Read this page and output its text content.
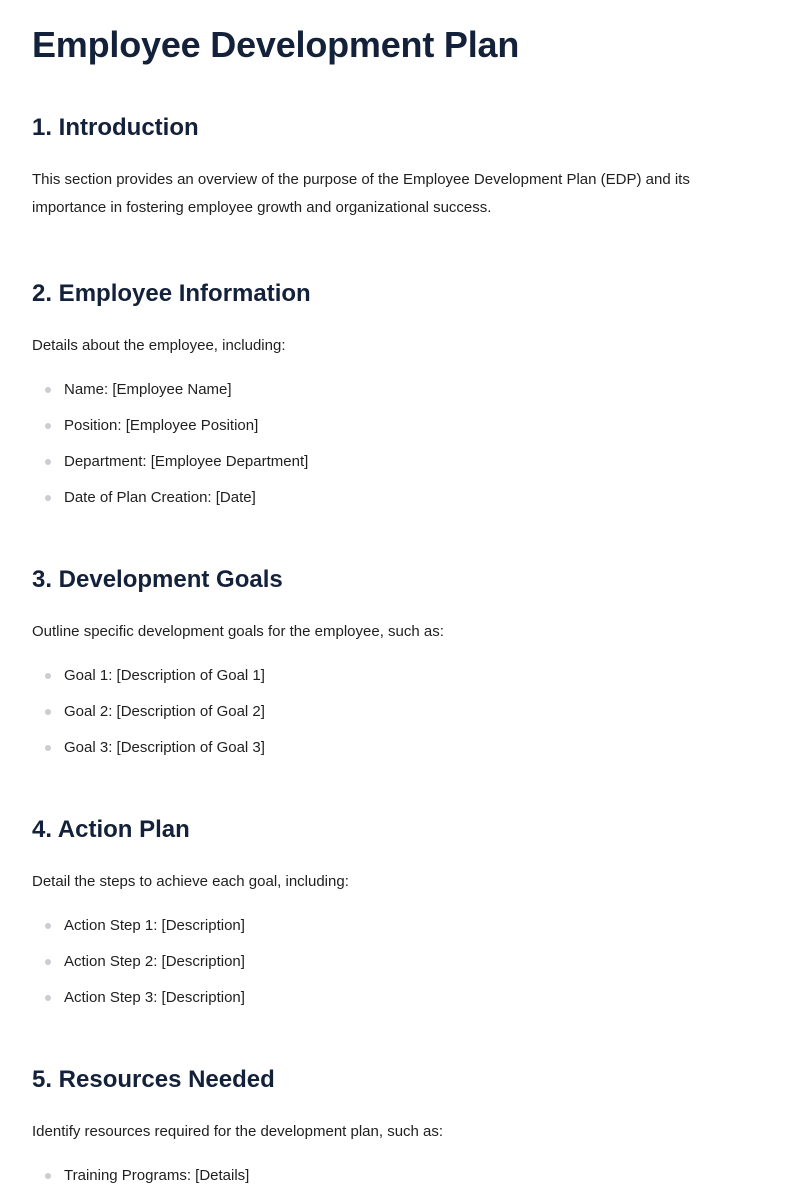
Employee Development Plan
1. Introduction

This section provides an overview of the purpose of the Employee Development Plan (EDP) and its importance in fostering employee growth and organizational success.

2. Employee Information

Details about the employee, including:

Name: [Employee Name]
Position: [Employee Position]
Department: [Employee Department]
Date of Plan Creation: [Date]
3. Development Goals

Outline specific development goals for the employee, such as:

Goal 1: [Description of Goal 1]
Goal 2: [Description of Goal 2]
Goal 3: [Description of Goal 3]
4. Action Plan

Detail the steps to achieve each goal, including:

Action Step 1: [Description]
Action Step 2: [Description]
Action Step 3: [Description]
5. Resources Needed

Identify resources required for the development plan, such as:

Training Programs: [Details]
